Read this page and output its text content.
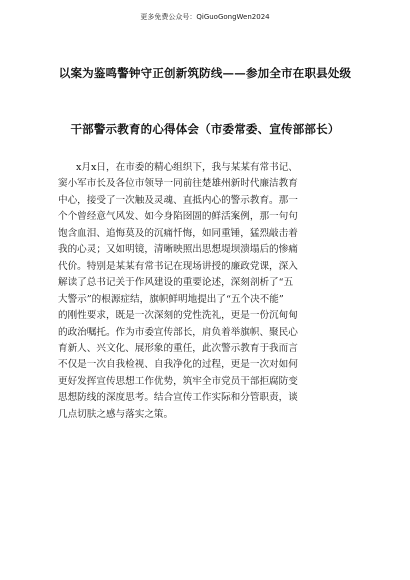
更多免费公众号：QiGuoGongWen2024
以案为鉴鸣警钟守正创新筑防线——参加全市在职县处级
干部警示教育的心得体会（市委常委、宣传部部长）
x月x日，在市委的精心组织下，我与某某有常书记、
窦小军市长及各位市领导一同前往楚雄州新时代廉洁教育
中心，接受了一次触及灵魂、直抵内心的警示教育。那一
个个曾经意气风发、如今身陷囹圄的鲜活案例，那一句句
饱含血泪、追悔莫及的沉痛忏悔，如同重锤，猛烈敲击着
我的心灵；又如明镜，清晰映照出思想堤坝溃塌后的惨痛
代价。特别是某某有常书记在现场讲授的廉政党课，深入
解读了总书记关于作风建设的重要论述，深刻剖析了“五
大警示”的根源症结，旗帜鲜明地提出了“五个决不能”
的刚性要求，既是一次深刻的党性洗礼，更是一份沉甸甸
的政治嘱托。作为市委宣传部长，肩负着举旗帜、聚民心
育新人、兴文化、展形象的重任，此次警示教育于我而言
不仅是一次自我检视、自我净化的过程，更是一次对如何
更好发挥宣传思想工作优势，筑牢全市党员干部拒腐防变
思想防线的深度思考。结合宣传工作实际和分管职责，谈
几点切肤之感与落实之策。
